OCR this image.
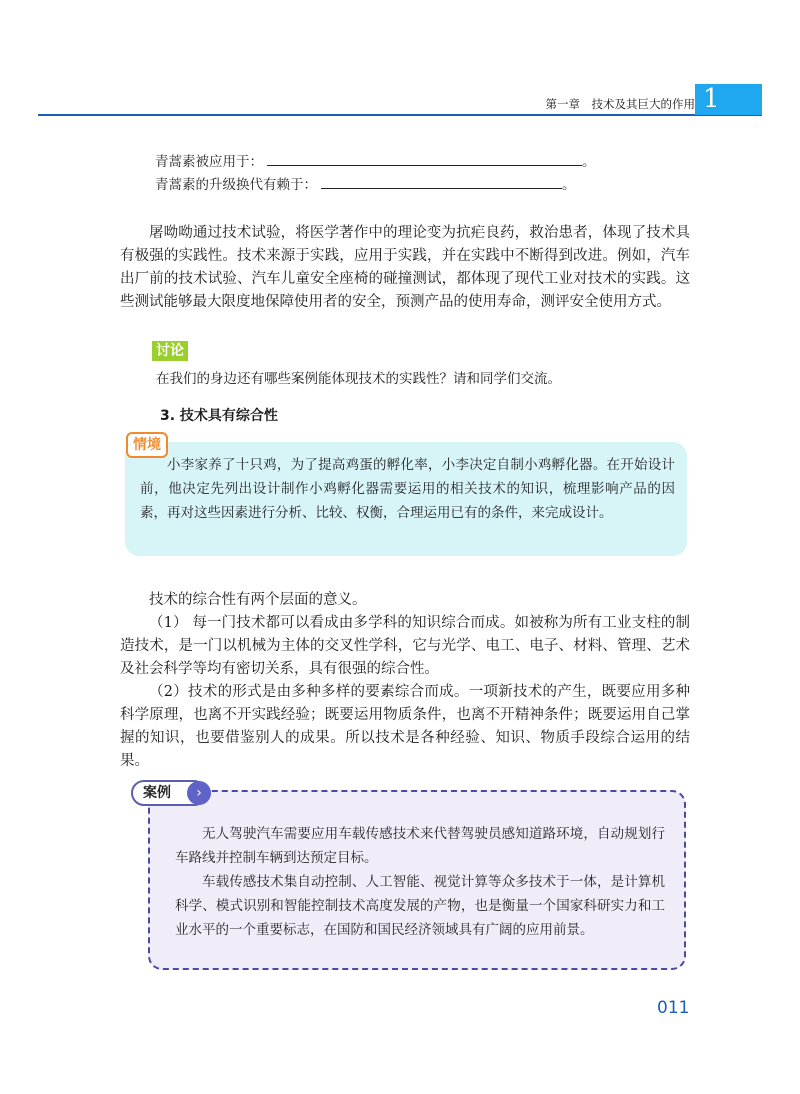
第一章　技术及其巨大的作用 1
青蒿素被应用于：	。
青蒿素的升级换代有赖于：	。
屠呦呦通过技术试验，将医学著作中的理论变为抗疟良药，救治患者，体现了技术具有极强的实践性。技术来源于实践，应用于实践，并在实践中不断得到改进。例如，汽车出厂前的技术试验、汽车儿童安全座椅的碰撞测试，都体现了现代工业对技术的实践。这些测试能够最大限度地保障使用者的安全，预测产品的使用寿命，测评安全使用方式。
讨论
在我们的身边还有哪些案例能体现技术的实践性？请和同学们交流。
3. 技术具有综合性
情境
小李家养了十只鸡，为了提高鸡蛋的孵化率，小李决定自制小鸡孵化器。在开始设计前，他决定先列出设计制作小鸡孵化器需要运用的相关技术的知识，梳理影响产品的因素，再对这些因素进行分析、比较、权衡，合理运用已有的条件，来完成设计。
技术的综合性有两个层面的意义。
（1） 每一门技术都可以看成由多学科的知识综合而成。如被称为所有工业支柱的制造技术，是一门以机械为主体的交叉性学科，它与光学、电工、电子、材料、管理、艺术及社会科学等均有密切关系，具有很强的综合性。
（2）技术的形式是由多种多样的要素综合而成。一项新技术的产生，既要应用多种科学原理，也离不开实践经验；既要运用物质条件，也离不开精神条件；既要运用自己掌握的知识，也要借鉴别人的成果。所以技术是各种经验、知识、物质手段综合运用的结果。
案例	›
无人驾驶汽车需要应用车载传感技术来代替驾驶员感知道路环境，自动规划行车路线并控制车辆到达预定目标。
车载传感技术集自动控制、人工智能、视觉计算等众多技术于一体，是计算机科学、模式识别和智能控制技术高度发展的产物，也是衡量一个国家科研实力和工业水平的一个重要标志，在国防和国民经济领域具有广阔的应用前景。
011
